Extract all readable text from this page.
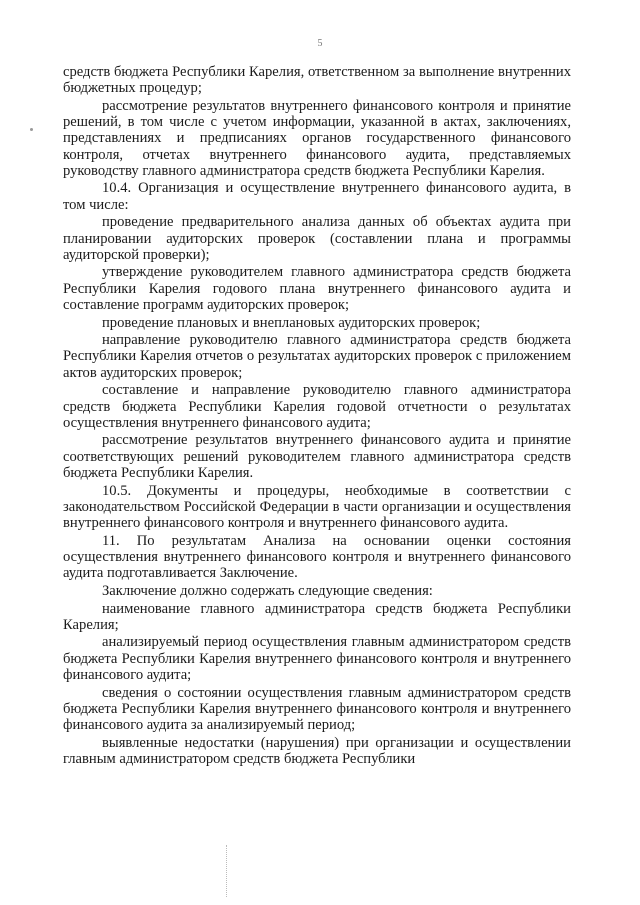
5

средств бюджета Республики Карелия, ответственном за выполнение внутренних бюджетных процедур;

рассмотрение результатов внутреннего финансового контроля и принятие решений, в том числе с учетом информации, указанной в актах, заключениях, представлениях и предписаниях органов государственного финансового контроля, отчетах внутреннего финансового аудита, представляемых руководству главного администратора средств бюджета Республики Карелия.

10.4. Организация и осуществление внутреннего финансового аудита, в том числе:

проведение предварительного анализа данных об объектах аудита при планировании аудиторских проверок (составлении плана и программы аудиторской проверки);

утверждение руководителем главного администратора средств бюджета Республики Карелия годового плана внутреннего финансового аудита и составление программ аудиторских проверок;

проведение плановых и внеплановых аудиторских проверок;

направление руководителю главного администратора средств бюджета Республики Карелия отчетов о результатах аудиторских проверок с приложением актов аудиторских проверок;

составление и направление руководителю главного администратора средств бюджета Республики Карелия годовой отчетности о результатах осуществления внутреннего финансового аудита;

рассмотрение результатов внутреннего финансового аудита и принятие соответствующих решений руководителем главного администратора средств бюджета Республики Карелия.

10.5. Документы и процедуры, необходимые в соответствии с законодательством Российской Федерации в части организации и осуществления внутреннего финансового контроля и внутреннего финансового аудита.

11. По результатам Анализа на основании оценки состояния осуществления внутреннего финансового контроля и внутреннего финансового аудита подготавливается Заключение.

Заключение должно содержать следующие сведения:

наименование главного администратора средств бюджета Республики Карелия;

анализируемый период осуществления главным администратором средств бюджета Республики Карелия внутреннего финансового контроля и внутреннего финансового аудита;

сведения о состоянии осуществления главным администратором средств бюджета Республики Карелия внутреннего финансового контроля и внутреннего финансового аудита за анализируемый период;

выявленные недостатки (нарушения) при организации и осуществлении главным администратором средств бюджета Республики
